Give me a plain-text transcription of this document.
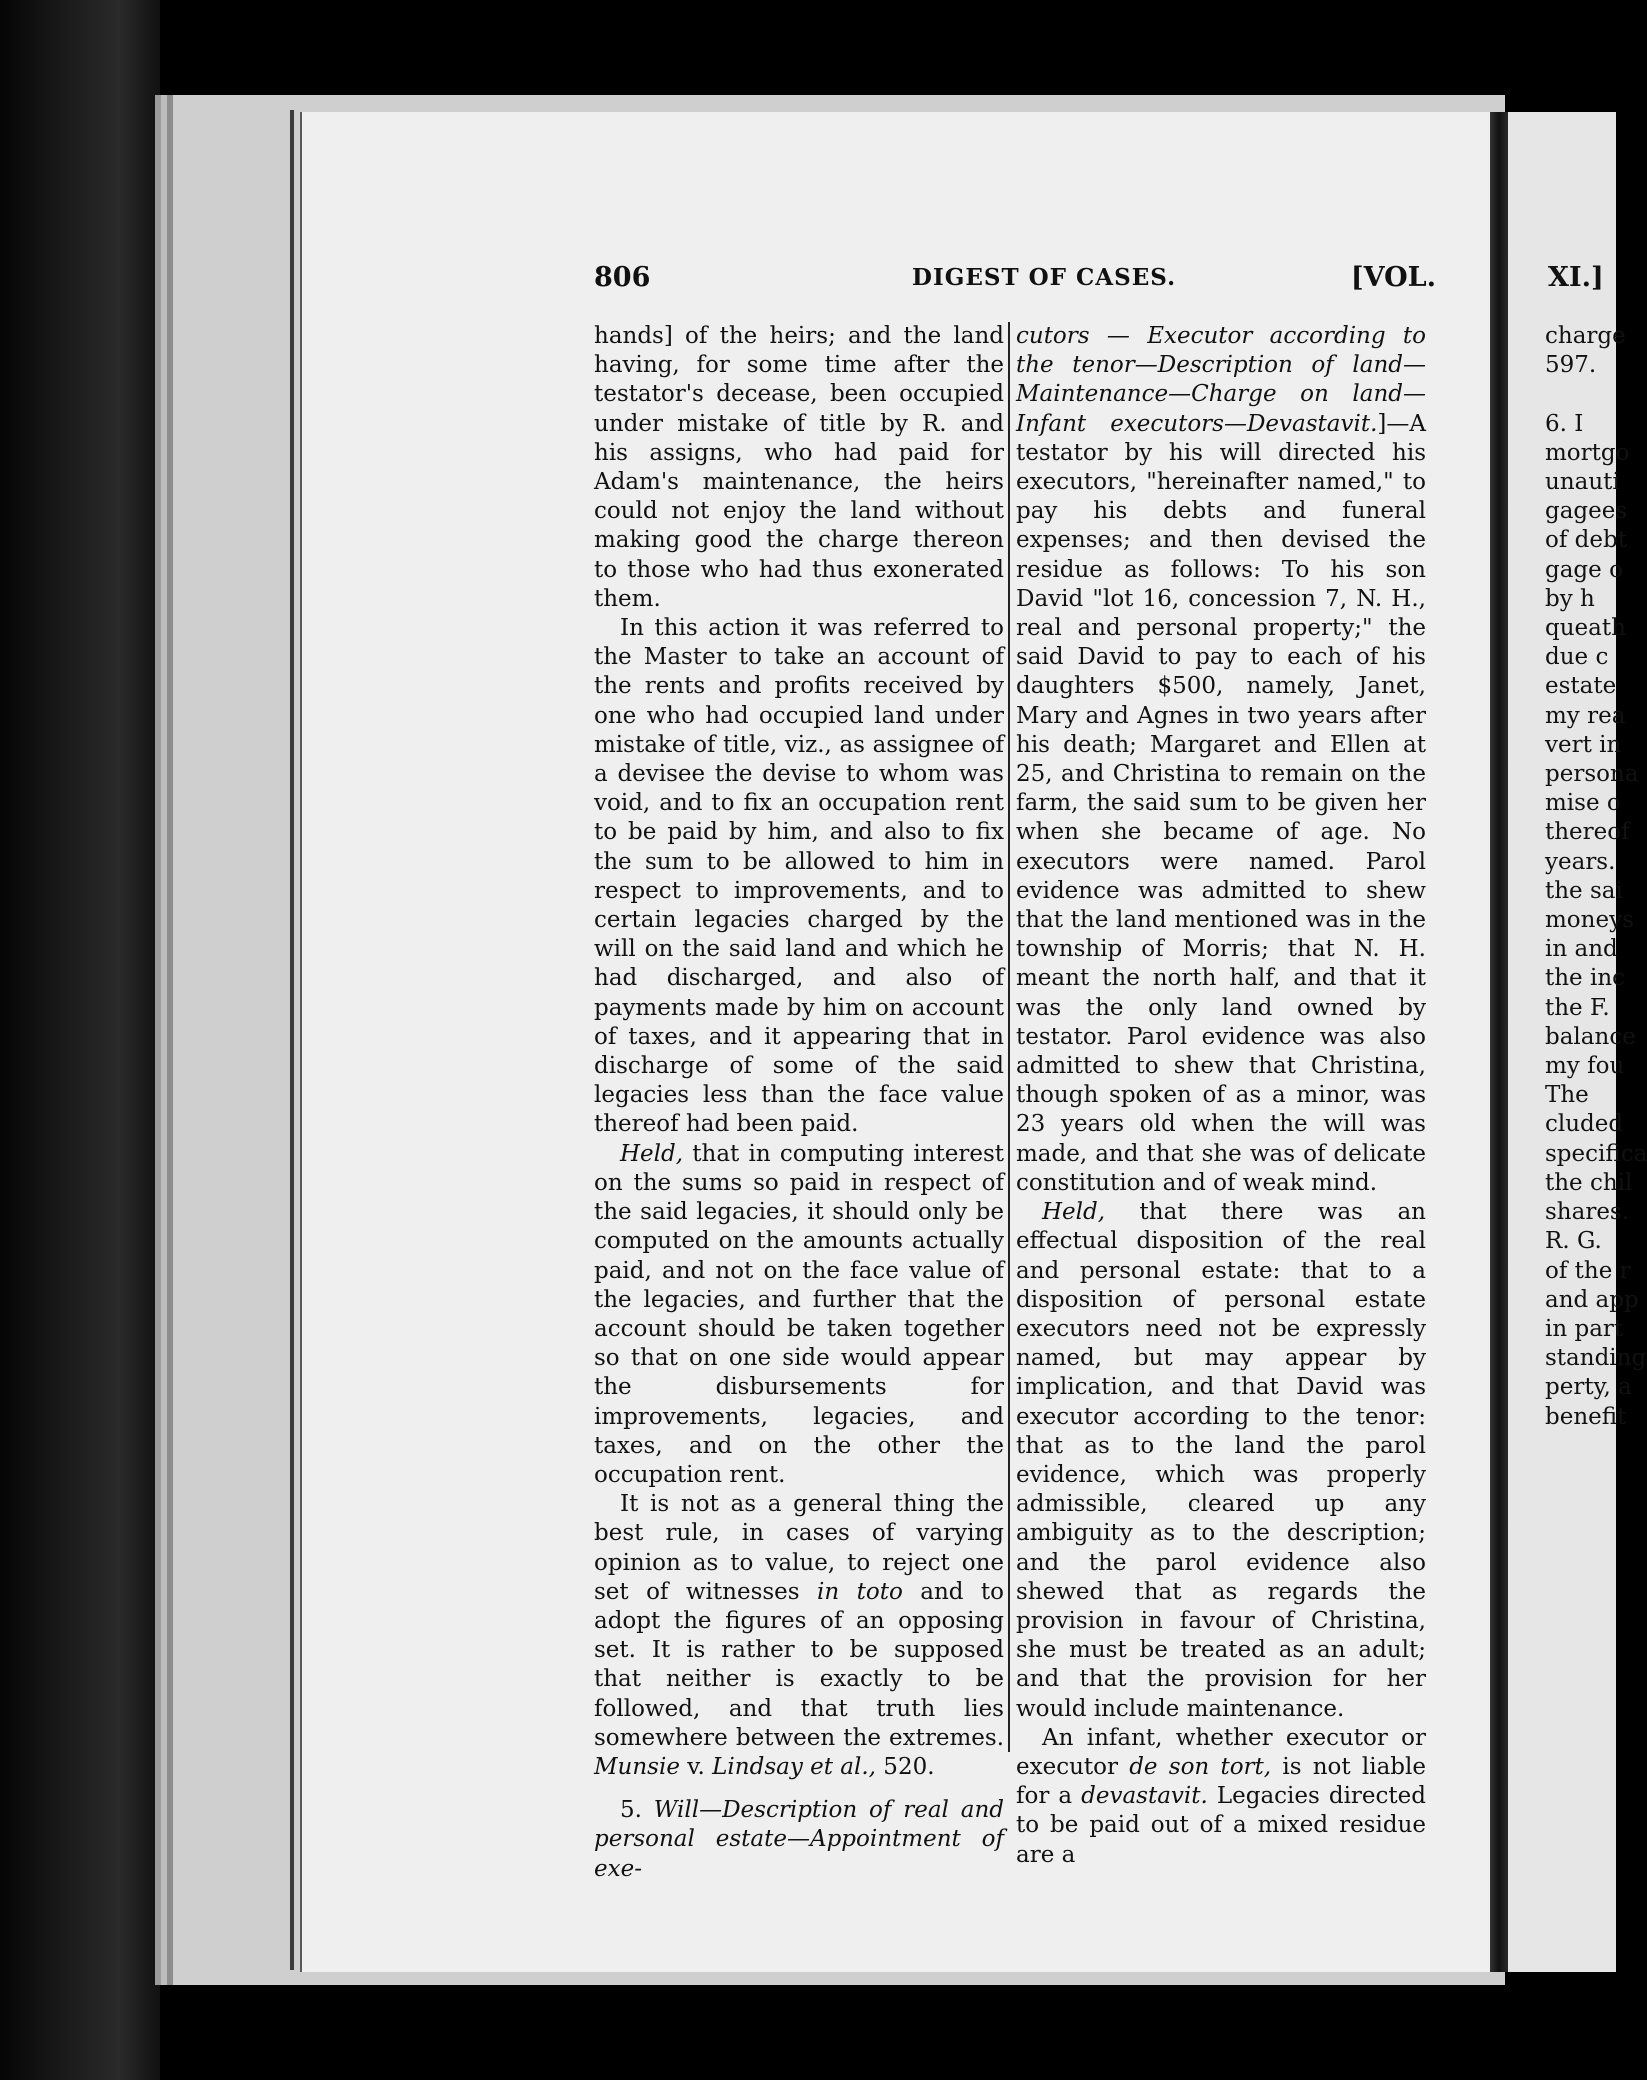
806	DIGEST OF CASES.	[VOL.

hands] of the heirs; and the land having, for some time after the testator's decease, been occupied under mistake of title by R. and his assigns, who had paid for Adam's maintenance, the heirs could not enjoy the land without making good the charge thereon to those who had thus exonerated them.

In this action it was referred to the Master to take an account of the rents and profits received by one who had occupied land under mistake of title, viz., as assignee of a devisee the devise to whom was void, and to fix an occupation rent to be paid by him, and also to fix the sum to be allowed to him in respect to improvements, and to certain legacies charged by the will on the said land and which he had discharged, and also of payments made by him on account of taxes, and it appearing that in discharge of some of the said legacies less than the face value thereof had been paid.

Held, that in computing interest on the sums so paid in respect of the said legacies, it should only be computed on the amounts actually paid, and not on the face value of the legacies, and further that the account should be taken together so that on one side would appear the disbursements for improvements, legacies, and taxes, and on the other the occupation rent.

It is not as a general thing the best rule, in cases of varying opinion as to value, to reject one set of witnesses in toto and to adopt the figures of an opposing set. It is rather to be supposed that neither is exactly to be followed, and that truth lies somewhere between the extremes. Munsie v. Lindsay et al., 520.

5. Will—Description of real and personal estate—Appointment of exe-

cutors — Executor according to the tenor—Description of land—Maintenance—Charge on land—Infant executors—Devastavit.]—A testator by his will directed his executors, "hereinafter named," to pay his debts and funeral expenses; and then devised the residue as follows: To his son David "lot 16, concession 7, N. H., real and personal property;" the said David to pay to each of his daughters $500, namely, Janet, Mary and Agnes in two years after his death; Margaret and Ellen at 25, and Christina to remain on the farm, the said sum to be given her when she became of age. No executors were named. Parol evidence was admitted to shew that the land mentioned was in the township of Morris; that N. H. meant the north half, and that it was the only land owned by testator. Parol evidence was also admitted to shew that Christina, though spoken of as a minor, was 23 years old when the will was made, and that she was of delicate constitution and of weak mind.

Held, that there was an effectual disposition of the real and personal estate: that to a disposition of personal estate executors need not be expressly named, but may appear by implication, and that David was executor according to the tenor: that as to the land the parol evidence, which was properly admissible, cleared up any ambiguity as to the description; and the parol evidence also shewed that as regards the provision in favour of Christina, she must be treated as an adult; and that the provision for her would include maintenance.

An infant, whether executor or executor de son tort, is not liable for a devastavit. Legacies directed to be paid out of a mixed residue are a

XI.]
charge
597.

6. I
mortgo
unauti
gagees
of debt
gage o
by h
queath
due c
estate
my rea
vert in
persona
mise o
thereof
years.
the sai
moneys
in and
the inc
the F.
balance
my fou
The
cluded
specifica
the chil
shares.
R. G.
of the r
and app
in part
standing
perty, a
benefit
